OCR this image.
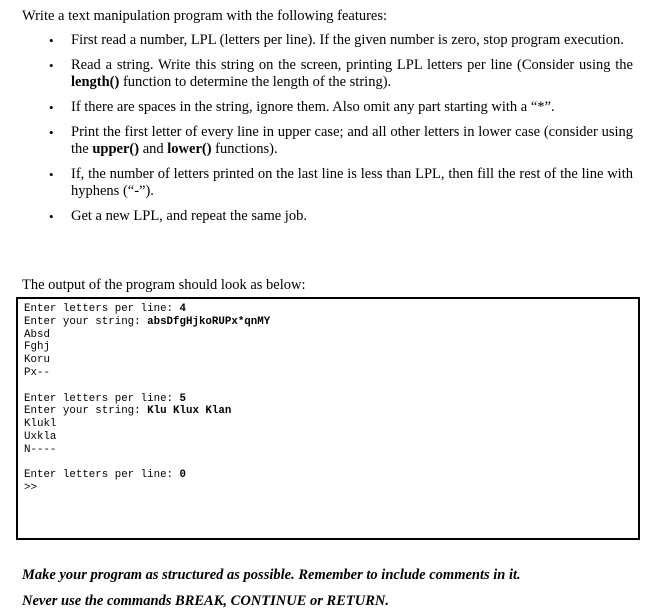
Write a text manipulation program with the following features:
• First read a number, LPL (letters per line). If the given number is zero, stop program execution.
• Read a string. Write this string on the screen, printing LPL letters per line (Consider using the length() function to determine the length of the string).
• If there are spaces in the string, ignore them. Also omit any part starting with a “*”.
• Print the first letter of every line in upper case; and all other letters in lower case (consider using the upper() and lower() functions).
• If, the number of letters printed on the last line is less than LPL, then fill the rest of the line with hyphens (“-”).
• Get a new LPL, and repeat the same job.
The output of the program should look as below:
Enter letters per line: 4
Enter your string: absDfgHjkoRUPx*qnMY
Absd
Fghj
Koru
Px--
Enter letters per line: 5
Enter your string: Klu Klux Klan
Klukl
Uxkla
N----
Enter letters per line: 0
>>
Make your program as structured as possible. Remember to include comments in it.
Never use the commands BREAK, CONTINUE or RETURN.
